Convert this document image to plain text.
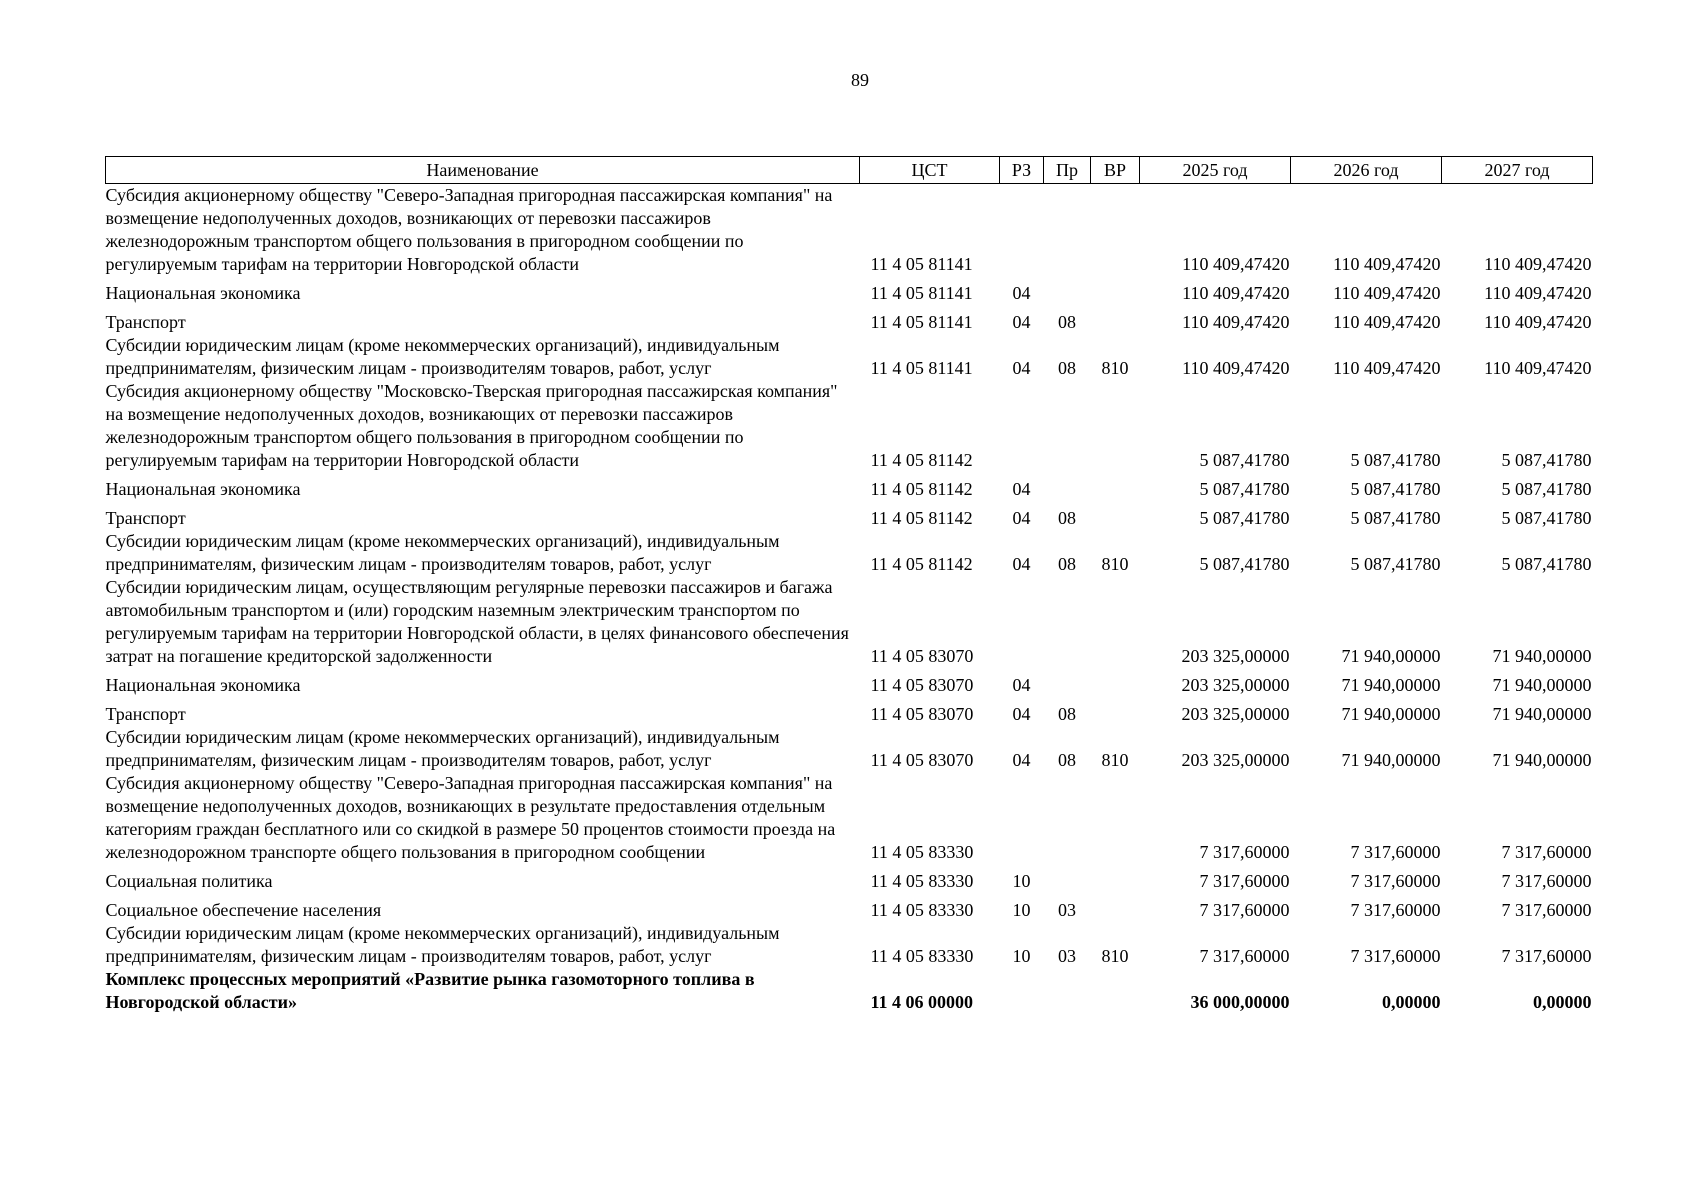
89
Наименование	ЦСТ	РЗ	Пр	ВР	2025 год	2026 год	2027 год
Субсидия акционерному обществу "Северо-Западная пригородная пассажирская компания" на возмещение недополученных доходов, возникающих от перевозки пассажиров железнодорожным транспортом общего пользования в пригородном сообщении по регулируемым тарифам на территории Новгородской области	11 4 05 81141				110 409,47420	110 409,47420	110 409,47420
Национальная экономика	11 4 05 81141	04			110 409,47420	110 409,47420	110 409,47420
Транспорт	11 4 05 81141	04	08		110 409,47420	110 409,47420	110 409,47420
Субсидии юридическим лицам (кроме некоммерческих организаций), индивидуальным предпринимателям, физическим лицам - производителям товаров, работ, услуг	11 4 05 81141	04	08	810	110 409,47420	110 409,47420	110 409,47420
Субсидия акционерному обществу "Московско-Тверская пригородная пассажирская компания" на возмещение недополученных доходов, возникающих от перевозки пассажиров железнодорожным транспортом общего пользования в пригородном сообщении по регулируемым тарифам на территории Новгородской области	11 4 05 81142				5 087,41780	5 087,41780	5 087,41780
Национальная экономика	11 4 05 81142	04			5 087,41780	5 087,41780	5 087,41780
Транспорт	11 4 05 81142	04	08		5 087,41780	5 087,41780	5 087,41780
Субсидии юридическим лицам (кроме некоммерческих организаций), индивидуальным предпринимателям, физическим лицам - производителям товаров, работ, услуг	11 4 05 81142	04	08	810	5 087,41780	5 087,41780	5 087,41780
Субсидии юридическим лицам, осуществляющим регулярные перевозки пассажиров и багажа автомобильным транспортом и (или) городским наземным электрическим транспортом по регулируемым тарифам на территории Новгородской области, в целях финансового обеспечения затрат на погашение кредиторской задолженности	11 4 05 83070				203 325,00000	71 940,00000	71 940,00000
Национальная экономика	11 4 05 83070	04			203 325,00000	71 940,00000	71 940,00000
Транспорт	11 4 05 83070	04	08		203 325,00000	71 940,00000	71 940,00000
Субсидии юридическим лицам (кроме некоммерческих организаций), индивидуальным предпринимателям, физическим лицам - производителям товаров, работ, услуг	11 4 05 83070	04	08	810	203 325,00000	71 940,00000	71 940,00000
Субсидия акционерному обществу "Северо-Западная пригородная пассажирская компания" на возмещение недополученных доходов, возникающих в результате предоставления отдельным категориям граждан бесплатного или со скидкой в размере 50 процентов стоимости проезда на железнодорожном транспорте общего пользования в пригородном сообщении	11 4 05 83330				7 317,60000	7 317,60000	7 317,60000
Социальная политика	11 4 05 83330	10			7 317,60000	7 317,60000	7 317,60000
Социальное обеспечение населения	11 4 05 83330	10	03		7 317,60000	7 317,60000	7 317,60000
Субсидии юридическим лицам (кроме некоммерческих организаций), индивидуальным предпринимателям, физическим лицам - производителям товаров, работ, услуг	11 4 05 83330	10	03	810	7 317,60000	7 317,60000	7 317,60000
Комплекс процессных мероприятий «Развитие рынка газомоторного топлива в Новгородской области»	11 4 06 00000				36 000,00000	0,00000	0,00000
